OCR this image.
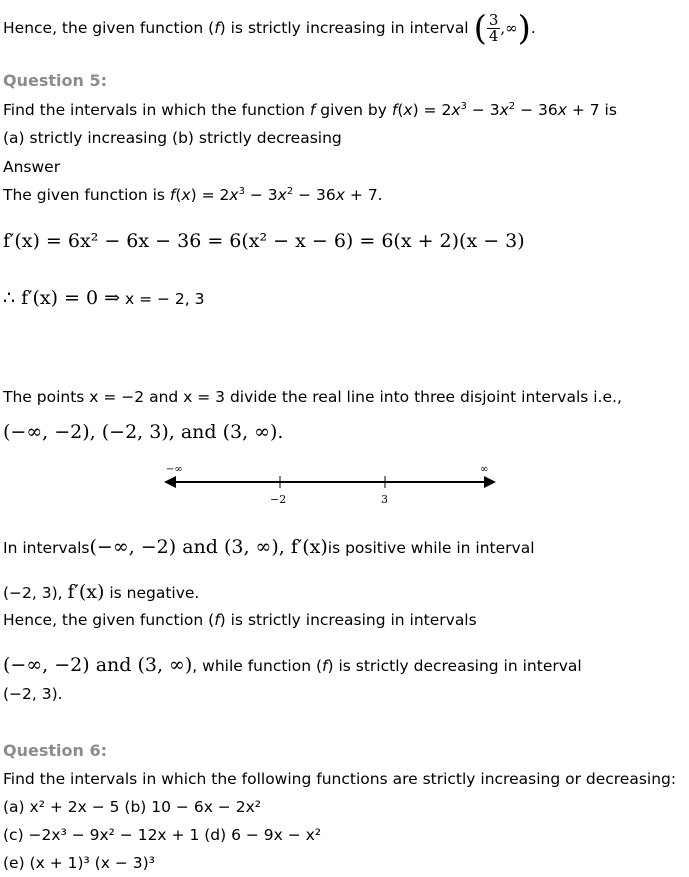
Hence, the given function (f) is strictly increasing in interval ( $\frac{3}{4}$ ,∞).
Question 5:
Find the intervals in which the function f given by $f(x) = 2x^3 - 3x^2 - 36x + 7$ is
(a) strictly increasing (b) strictly decreasing
Answer
The given function is $f(x) = 2x^3 - 3x^2 - 36x + 7$.
f′(x) = 6x² − 6x − 36 = 6(x² − x − 6) = 6(x + 2)(x − 3)
∴ f′(x) = 0 ⇒ x = − 2, 3
The points x = −2 and x = 3 divide the real line into three disjoint intervals i.e.,
(−∞, −2), (−2, 3), and (3, ∞).
−∞	∞
−2	3
In intervals(−∞, −2) and (3, ∞), f′(x)is positive while in interval
(−2, 3), f′(x) is negative.
Hence, the given function (f) is strictly increasing in intervals
(−∞, −2) and (3, ∞), while function (f) is strictly decreasing in interval
(−2, 3).
Question 6:
Find the intervals in which the following functions are strictly increasing or decreasing:
(a) x² + 2x − 5 (b) 10 − 6x − 2x²
(c) −2x³ − 9x² − 12x + 1 (d) 6 − 9x − x²
(e) (x + 1)³ (x − 3)³
